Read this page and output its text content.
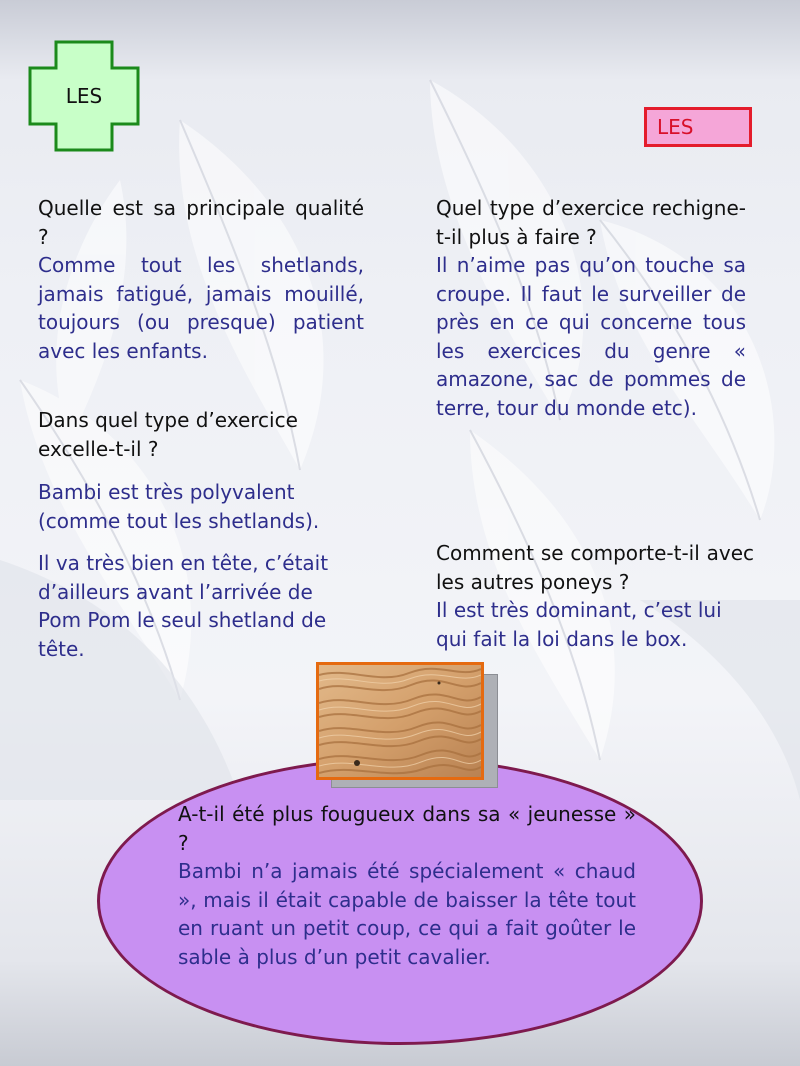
LES
LES

Quelle est sa principale qualité ?

Comme tout les shetlands, jamais fatigué, jamais mouillé, toujours (ou presque) patient avec les enfants.

Dans quel type d’exercice excelle-t-il ?

Bambi est très polyvalent (comme tout les shetlands).

Il va très bien en tête, c’était d’ailleurs avant l’arrivée de Pom Pom le seul shetland de tête.

Quel type d’exercice rechigne-t-il plus à faire ?

Il n’aime pas qu’on touche sa croupe. Il faut le surveiller de près en ce qui concerne tous les exercices du genre « amazone, sac de pommes de terre, tour du monde etc).

Comment se comporte-t-il avec les autres poneys ?

Il est très dominant, c’est lui qui fait la loi dans le box.

A-t-il été plus fougueux dans sa « jeunesse » ?

Bambi n’a jamais été spécialement « chaud », mais il était capable de baisser la tête tout en ruant un petit coup, ce qui a fait goûter le sable à plus d’un petit cavalier.
